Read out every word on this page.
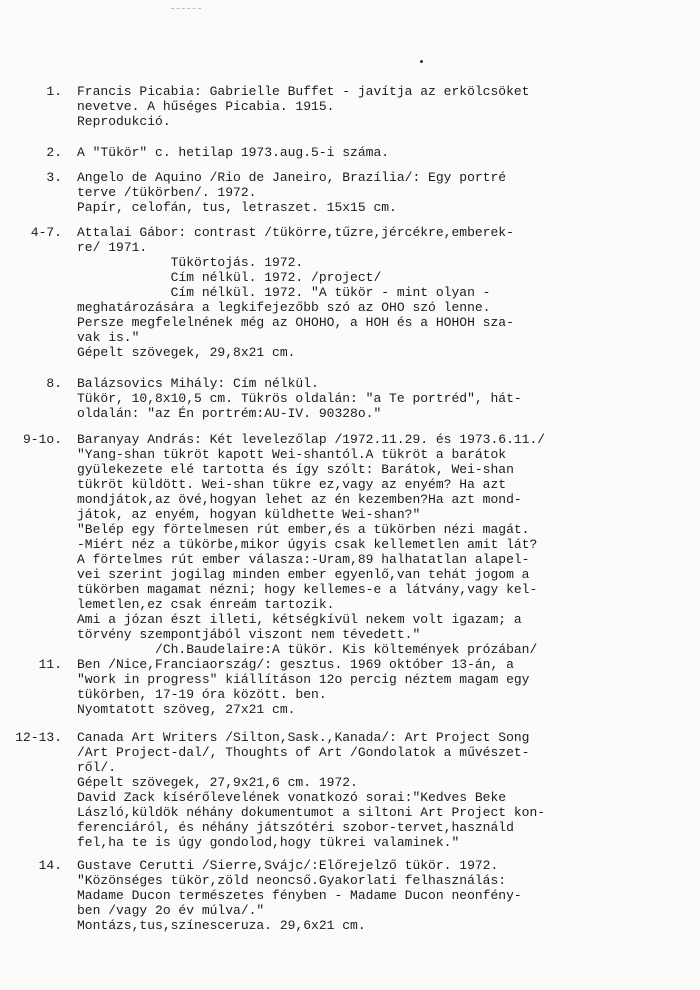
1. Francis Picabia: Gabrielle Buffet - javítja az erkölcsöket
nevetve. A hűséges Picabia. 1915.
Reprodukció.
2. A "Tükör" c. hetilap 1973.aug.5-i száma.
3. Angelo de Aquino /Rio de Janeiro, Brazília/: Egy portré
terve /tükörben/. 1972.
Papír, celofán, tus, letraszet. 15x15 cm.
4-7. Attalai Gábor: contrast /tükörre,tűzre,jércékre,emberek-
re/ 1971.
Tükörtojás. 1972.
Cím nélkül. 1972. /project/
Cím nélkül. 1972. "A tükör - mint olyan -
meghatározására a legkifejezőbb szó az OHO szó lenne.
Persze megfelelnének még az OHOHO, a HOH és a HOHOH sza-
vak is."
Gépelt szövegek, 29,8x21 cm.
8. Balázsovics Mihály: Cím nélkül.
Tükör, 10,8x10,5 cm. Tükrös oldalán: "a Te portréd", hát-
oldalán: "az Én portrém:AU-IV. 90328o."
9-1o. Baranyay András: Két levelezőlap /1972.11.29. és 1973.6.11./
"Yang-shan tükröt kapott Wei-shantól.A tükröt a barátok
gyülekezete elé tartotta és így szólt: Barátok, Wei-shan
tükröt küldött. Wei-shan tükre ez,vagy az enyém? Ha azt
mondjátok,az övé,hogyan lehet az én kezemben?Ha azt mond-
játok, az enyém, hogyan küldhette Wei-shan?"
"Belép egy förtelmesen rút ember,és a tükörben nézi magát.
-Miért néz a tükörbe,mikor úgyis csak kellemetlen amit lát?
A förtelmes rút ember válasza:-Uram,89 halhatatlan alapel-
vei szerint jogilag minden ember egyenlő,van tehát jogom a
tükörben magamat nézni; hogy kellemes-e a látvány,vagy kel-
lemetlen,ez csak énreám tartozik.
Ami a józan észt illeti, kétségkívül nekem volt igazam; a
törvény szempontjából viszont nem tévedett."
/Ch.Baudelaire:A tükör. Kis költemények prózában/
11. Ben /Nice,Franciaország/: gesztus. 1969 október 13-án, a
"work in progress" kiállításon 12o percig néztem magam egy
tükörben, 17-19 óra között. ben.
Nyomtatott szöveg, 27x21 cm.
12-13. Canada Art Writers /Silton,Sask.,Kanada/: Art Project Song
/Art Project-dal/, Thoughts of Art /Gondolatok a művészet-
ről/.
Gépelt szövegek, 27,9x21,6 cm. 1972.
David Zack kísérőlevelének vonatkozó sorai:"Kedves Beke
László,küldök néhány dokumentumot a siltoni Art Project kon-
ferenciáról, és néhány játszótéri szobor-tervet,használd
fel,ha te is úgy gondolod,hogy tükrei valaminek."
14. Gustave Cerutti /Sierre,Svájc/:Előrejelző tükör. 1972.
"Közönséges tükör,zöld neoncső.Gyakorlati felhasználás:
Madame Ducon természetes fényben - Madame Ducon neonfény-
ben /vagy 2o év múlva/."
Montázs,tus,színesceruza. 29,6x21 cm.
